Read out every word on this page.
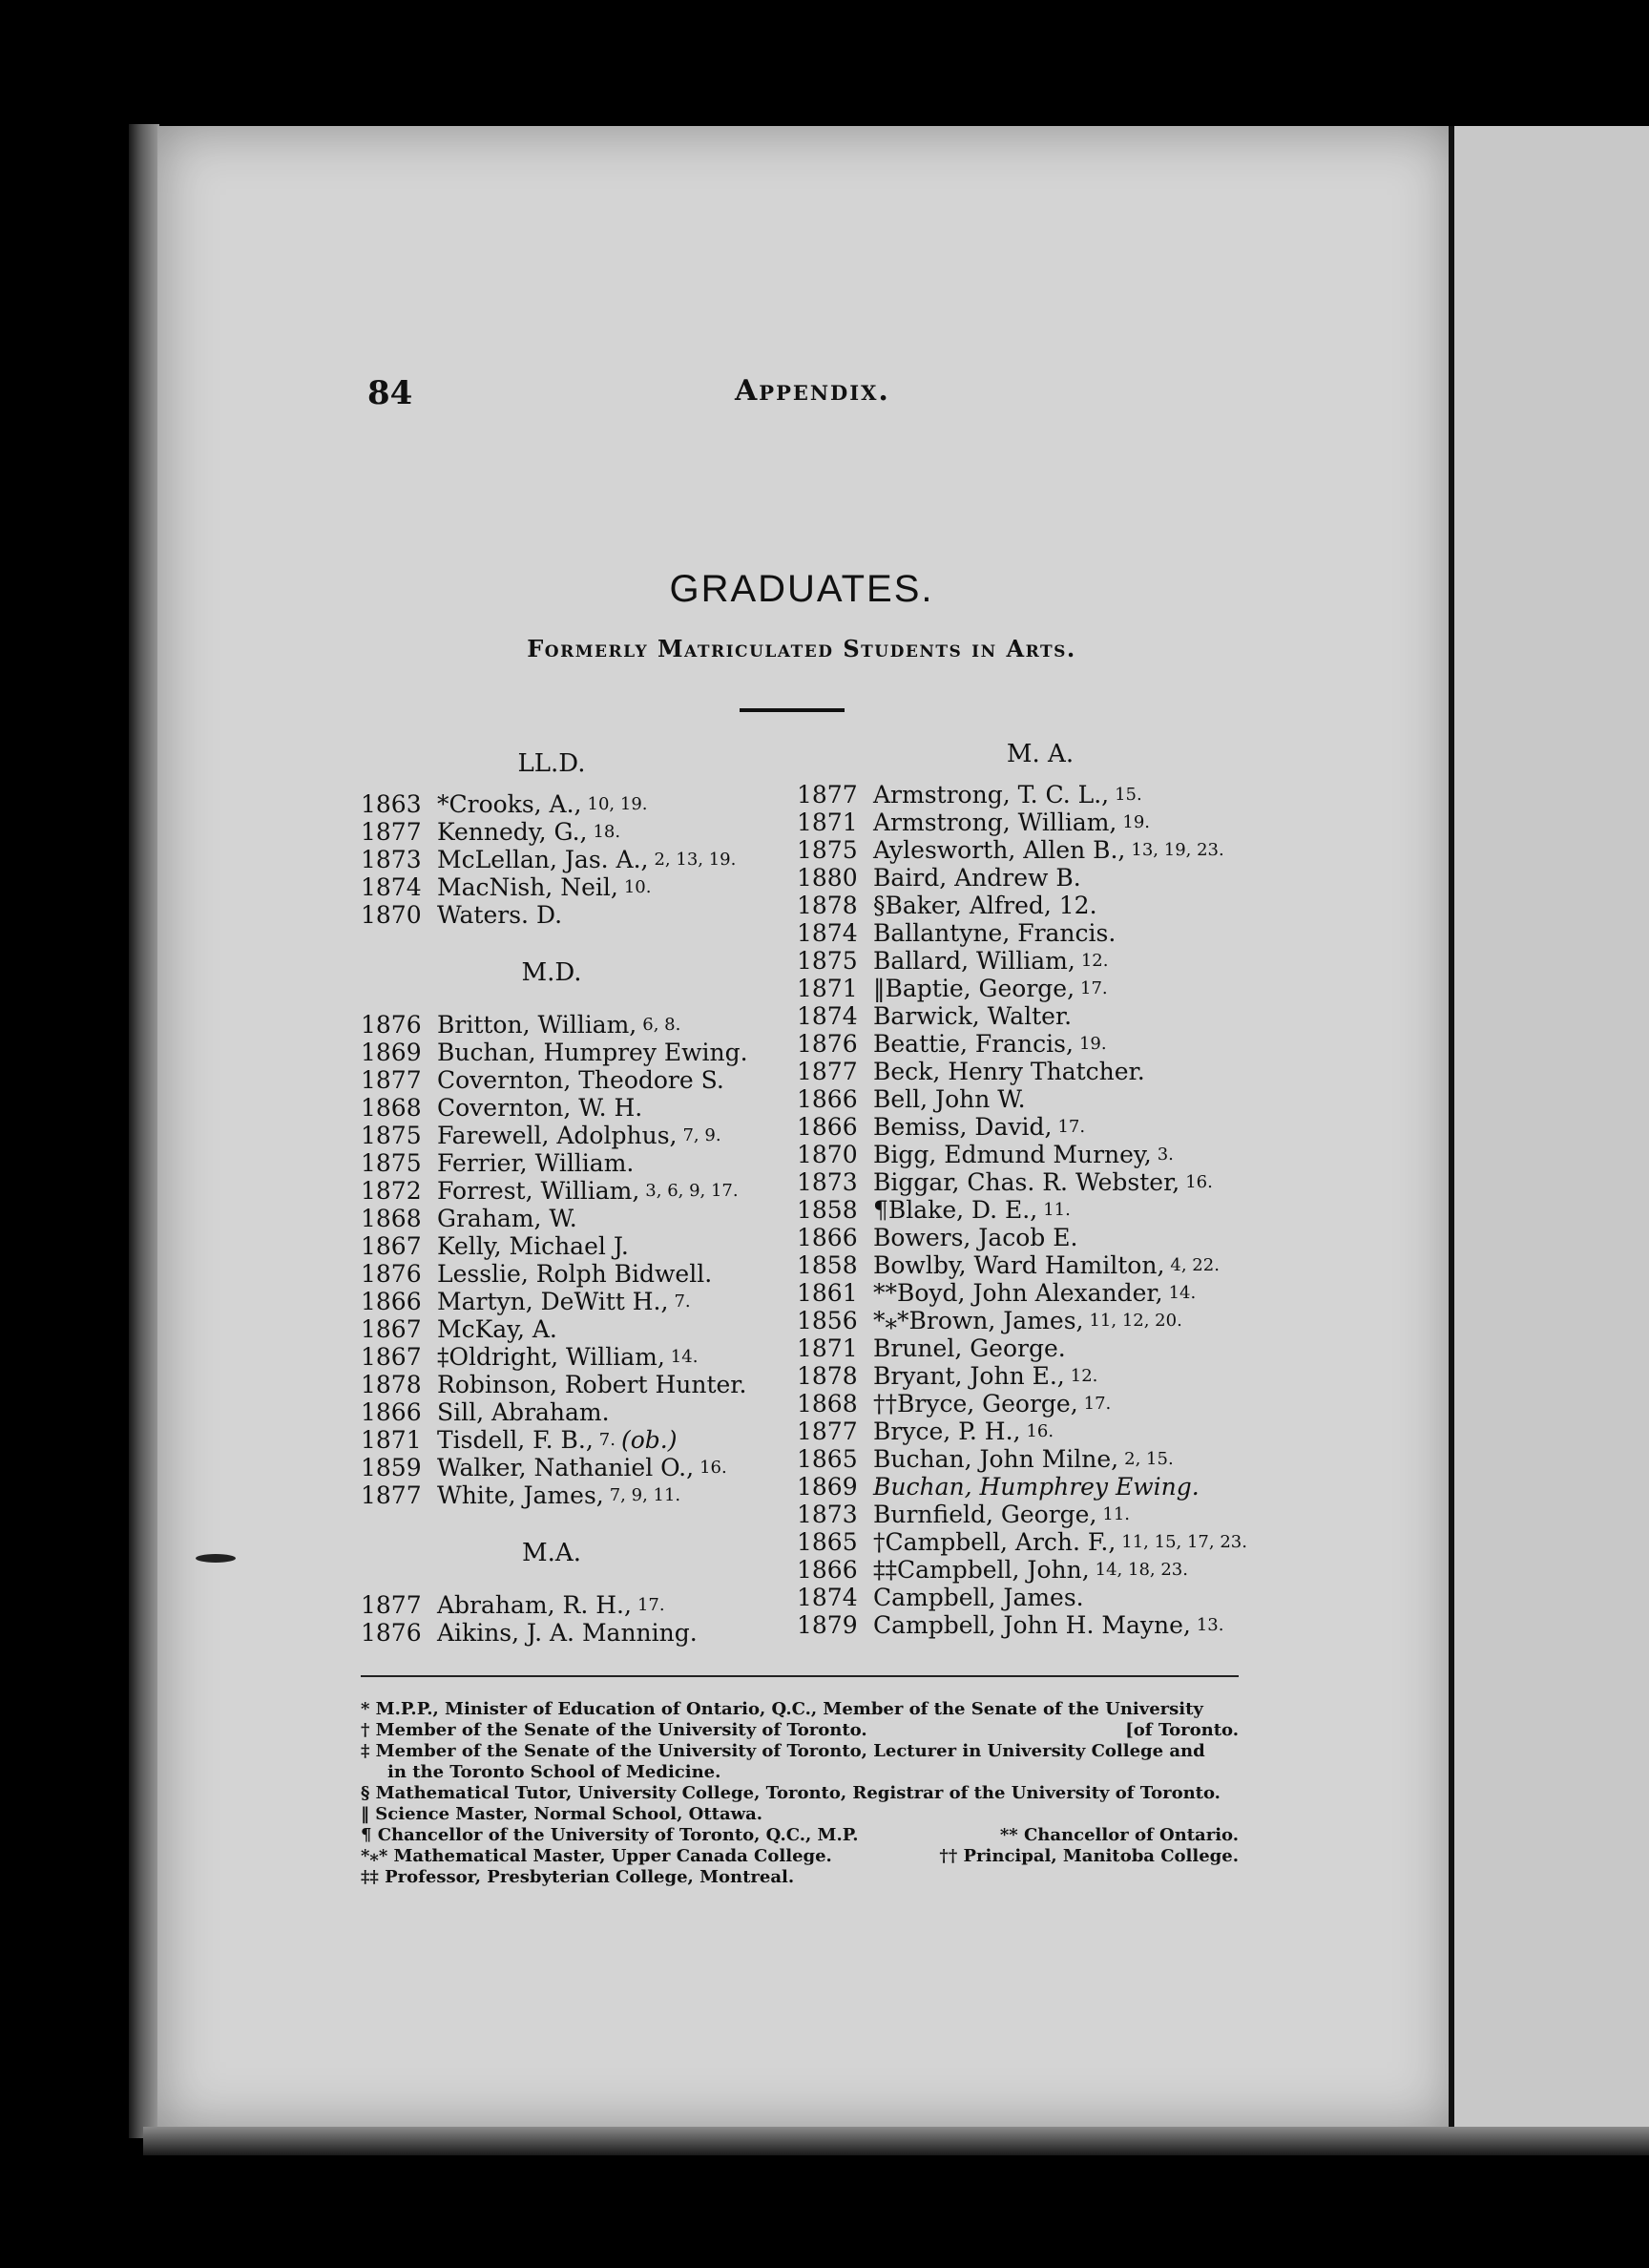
84	Appendix.
GRADUATES.
Formerly Matriculated Students in Arts.
LL.D.
1863 *Crooks, A., 10, 19.
1877 Kennedy, G., 18.
1873 McLellan, Jas. A., 2, 13, 19.
1874 MacNish, Neil, 10.
1870 Waters. D.
M.D.
1876 Britton, William, 6, 8.
1869 Buchan, Humprey Ewing.
1877 Covernton, Theodore S.
1868 Covernton, W. H.
1875 Farewell, Adolphus, 7, 9.
1875 Ferrier, William.
1872 Forrest, William, 3, 6, 9, 17.
1868 Graham, W.
1867 Kelly, Michael J.
1876 Lesslie, Rolph Bidwell.
1866 Martyn, DeWitt H., 7.
1867 McKay, A.
1867 ‡Oldright, William, 14.
1878 Robinson, Robert Hunter.
1866 Sill, Abraham.
1871 Tisdell, F. B., 7. (ob.)
1859 Walker, Nathaniel O., 16.
1877 White, James, 7, 9, 11.
M.A.
1877 Abraham, R. H., 17.
1876 Aikins, J. A. Manning.
M. A.
1877 Armstrong, T. C. L., 15.
1871 Armstrong, William, 19.
1875 Aylesworth, Allen B., 13, 19, 23.
1880 Baird, Andrew B.
1878 §Baker, Alfred, 12.
1874 Ballantyne, Francis.
1875 Ballard, William, 12.
1871 ‖Baptie, George, 17.
1874 Barwick, Walter.
1876 Beattie, Francis, 19.
1877 Beck, Henry Thatcher.
1866 Bell, John W.
1866 Bemiss, David, 17.
1870 Bigg, Edmund Murney, 3.
1873 Biggar, Chas. R. Webster, 16.
1858 ¶Blake, D. E., 11.
1866 Bowers, Jacob E.
1858 Bowlby, Ward Hamilton, 4, 22.
1861 **Boyd, John Alexander, 14.
1856 *⁎*Brown, James, 11, 12, 20.
1871 Brunel, George.
1878 Bryant, John E., 12.
1868 ††Bryce, George, 17.
1877 Bryce, P. H., 16.
1865 Buchan, John Milne, 2, 15.
1869 Buchan, Humphrey Ewing.
1873 Burnfield, George, 11.
1865 †Campbell, Arch. F., 11, 15, 17, 23.
1866 ‡‡Campbell, John, 14, 18, 23.
1874 Campbell, James.
1879 Campbell, John H. Mayne, 13.
* M.P.P., Minister of Education of Ontario, Q.C., Member of the Senate of the University
† Member of the Senate of the University of Toronto.	[of Toronto.
‡ Member of the Senate of the University of Toronto, Lecturer in University College and
in the Toronto School of Medicine.
§ Mathematical Tutor, University College, Toronto, Registrar of the University of Toronto.
‖ Science Master, Normal School, Ottawa.
¶ Chancellor of the University of Toronto, Q.C., M.P.	** Chancellor of Ontario.
*⁎* Mathematical Master, Upper Canada College.	†† Principal, Manitoba College.
‡‡ Professor, Presbyterian College, Montreal.
